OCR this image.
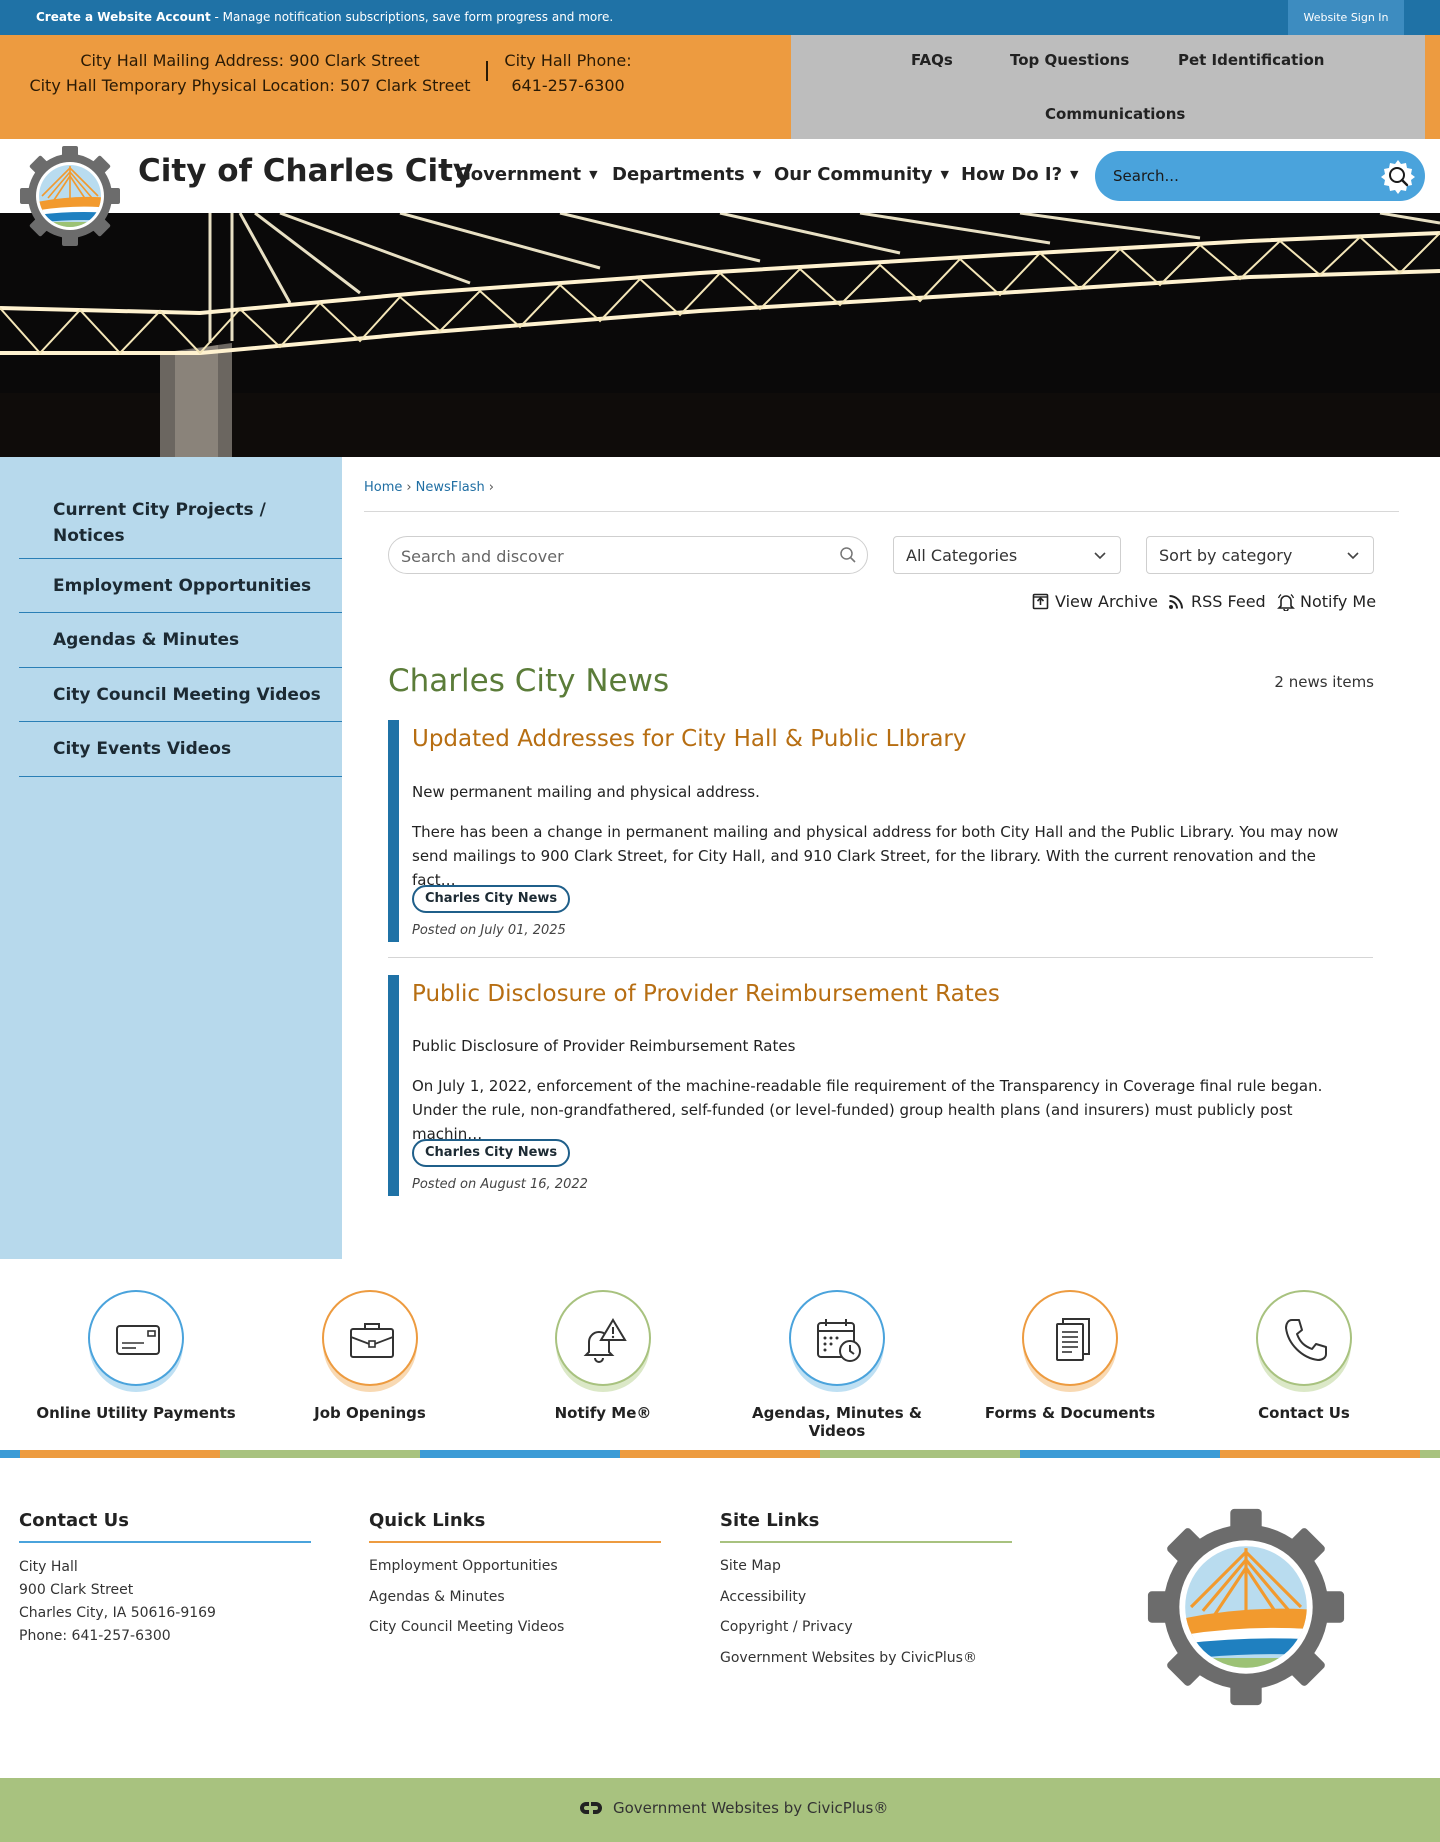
Create a Website Account - Manage notification subscriptions, save form progress and more.	Website Sign In
City Hall Mailing Address: 900 Clark Street
City Hall Temporary Physical Location: 507 Clark Street
City Hall Phone:
641-257-6300
FAQs	Top Questions	Pet Identification
Communications
City of Charles City
Government ▼ Departments ▼ Our Community ▼ How Do I? ▼
Search...
Current City Projects /
Notices
Employment Opportunities
Agendas & Minutes
City Council Meeting Videos
City Events Videos
Home › NewsFlash ›
Search and discover
All Categories	Sort by category
View Archive RSS Feed Notify Me
Charles City News	2 news items
Updated Addresses for City Hall & Public LIbrary
New permanent mailing and physical address.
There has been a change in permanent mailing and physical address for both City Hall and the Public Library. You may now
send mailings to 900 Clark Street, for City Hall, and 910 Clark Street, for the library. With the current renovation and the fact…
Charles City News
Posted on July 01, 2025
Public Disclosure of Provider Reimbursement Rates
Public Disclosure of Provider Reimbursement Rates
On July 1, 2022, enforcement of the machine-readable file requirement of the Transparency in Coverage final rule began.
Under the rule, non-grandfathered, self-funded (or level-funded) group health plans (and insurers) must publicly post machin…
Charles City News
Posted on August 16, 2022
Online Utility Payments	Job Openings	Notify Me®	Agendas, Minutes & Videos
Forms & Documents	Contact Us
Contact Us
City Hall
900 Clark Street
Charles City, IA 50616-9169
Phone: 641-257-6300
Quick Links
Employment Opportunities
Agendas & Minutes
City Council Meeting Videos
Site Links
Site Map
Accessibility
Copyright / Privacy
Government Websites by CivicPlus®
Government Websites by CivicPlus®
